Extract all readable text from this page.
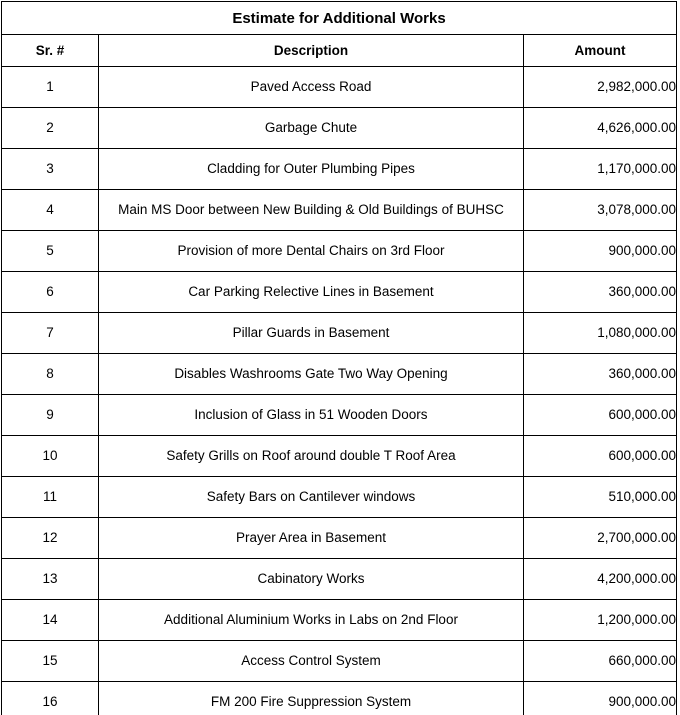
Estimate for Additional Works		
Sr. #	Description	Amount
1	Paved Access Road	2,982,000.00
2	Garbage Chute	4,626,000.00
3	Cladding for Outer Plumbing Pipes	1,170,000.00
4	Main MS Door between New Building & Old Buildings of BUHSC	3,078,000.00
5	Provision of more Dental Chairs on 3rd Floor	900,000.00
6	Car Parking Relective Lines in Basement	360,000.00
7	Pillar Guards in Basement	1,080,000.00
8	Disables Washrooms Gate Two Way Opening	360,000.00
9	Inclusion of Glass in 51 Wooden Doors	600,000.00
10	Safety Grills on Roof around double T Roof Area	600,000.00
11	Safety Bars on Cantilever windows	510,000.00
12	Prayer Area in Basement	2,700,000.00
13	Cabinatory Works	4,200,000.00
14	Additional Aluminium Works in Labs on 2nd Floor	1,200,000.00
15	Access Control System	660,000.00
16	FM 200 Fire Suppression System	900,000.00
